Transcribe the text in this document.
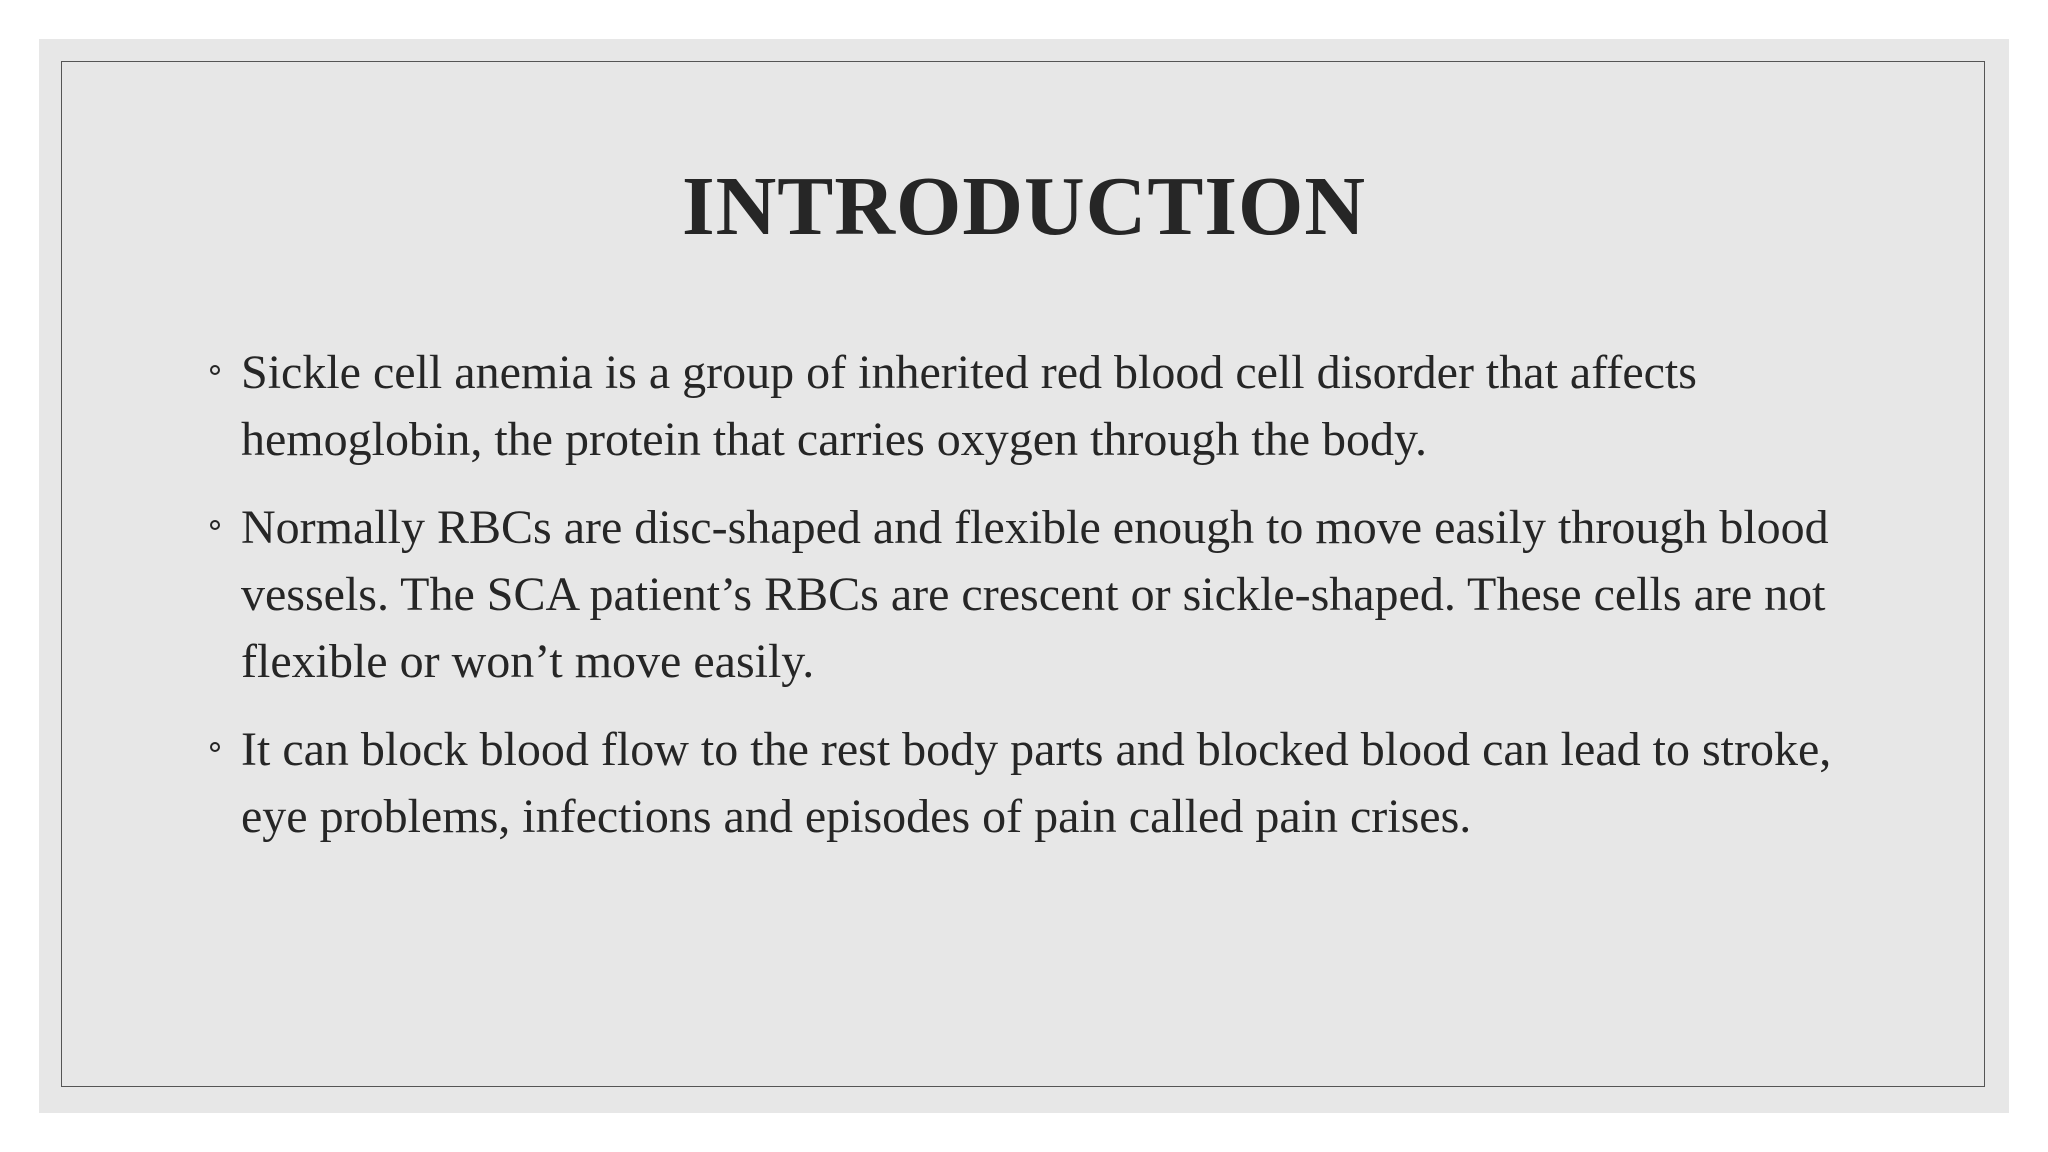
INTRODUCTION
Sickle cell anemia is a group of inherited red blood cell disorder that affects hemoglobin, the protein that carries oxygen through the body.
Normally RBCs are disc-shaped and flexible enough to move easily through blood vessels. The SCA patient’s RBCs are crescent or sickle-shaped. These cells are not flexible or won’t move easily.
It can block blood flow to the rest body parts and blocked blood can lead to stroke, eye problems, infections and episodes of pain called pain crises.
